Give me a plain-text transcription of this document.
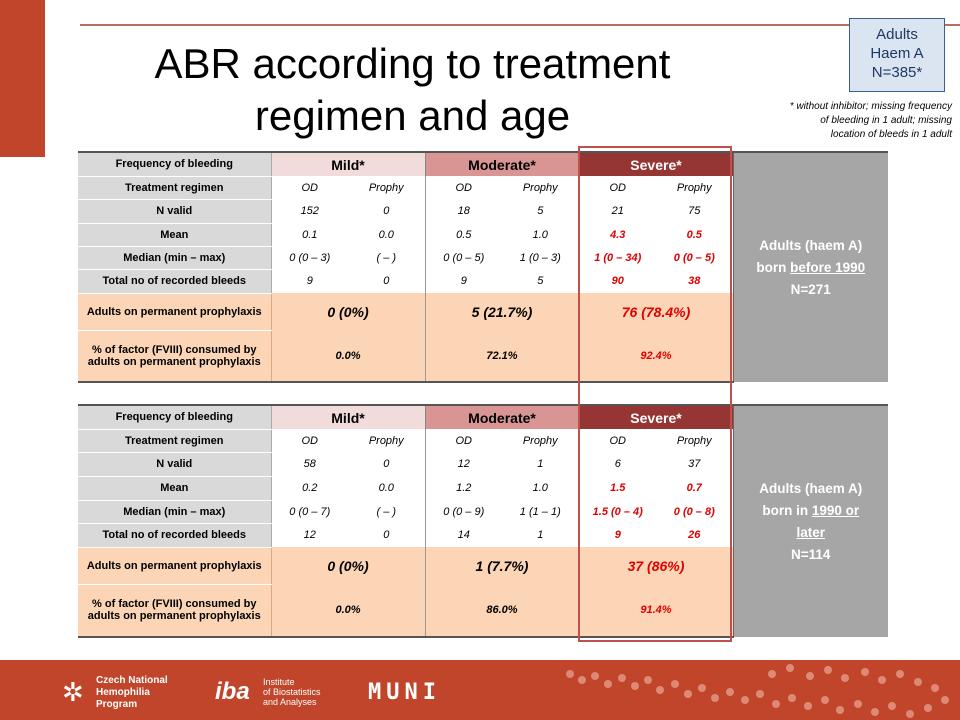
ABR according to treatment
regimen and age
Adults
Haem A
N=385*
* without inhibitor; missing frequency
of bleeding in 1 adult; missing
location of bleeds in 1 adult
Frequency of bleeding	Mild*		Moderate*		Severe*		Adults (haem A)
born before 1990
N=271
Treatment regimen	OD	Prophy	OD	Prophy	OD	Prophy	
N valid	152	0	18	5	21	75	
Mean	0.1	0.0	0.5	1.0	4.3	0.5	
Median (min – max)	0 (0 – 3)	( – )	0 (0 – 5)	1 (0 – 3)	1 (0 – 34)	0 (0 – 5)	
Total no of recorded bleeds	9	0	9	5	90	38	
Adults on permanent prophylaxis	0 (0%)		5 (21.7%)		76 (78.4%)		
% of factor (FVIII) consumed by adults on permanent prophylaxis	0.0%		72.1%		92.4%		
Frequency of bleeding	Mild*		Moderate*		Severe*		Adults (haem A)
born in 1990 or
later
N=114
Treatment regimen	OD	Prophy	OD	Prophy	OD	Prophy	
N valid	58	0	12	1	6	37	
Mean	0.2	0.0	1.2	1.0	1.5	0.7	
Median (min – max)	0 (0 – 7)	( – )	0 (0 – 9)	1 (1 – 1)	1.5 (0 – 4)	0 (0 – 8)	
Total no of recorded bleeds	12	0	14	1	9	26	
Adults on permanent prophylaxis	0 (0%)		1 (7.7%)		37 (86%)		
% of factor (FVIII) consumed by adults on permanent prophylaxis	0.0%		86.0%		91.4%		
✲ Czech National
Hemophilia
Program	iba Institute
of Biostatistics
and Analyses	MUNI
